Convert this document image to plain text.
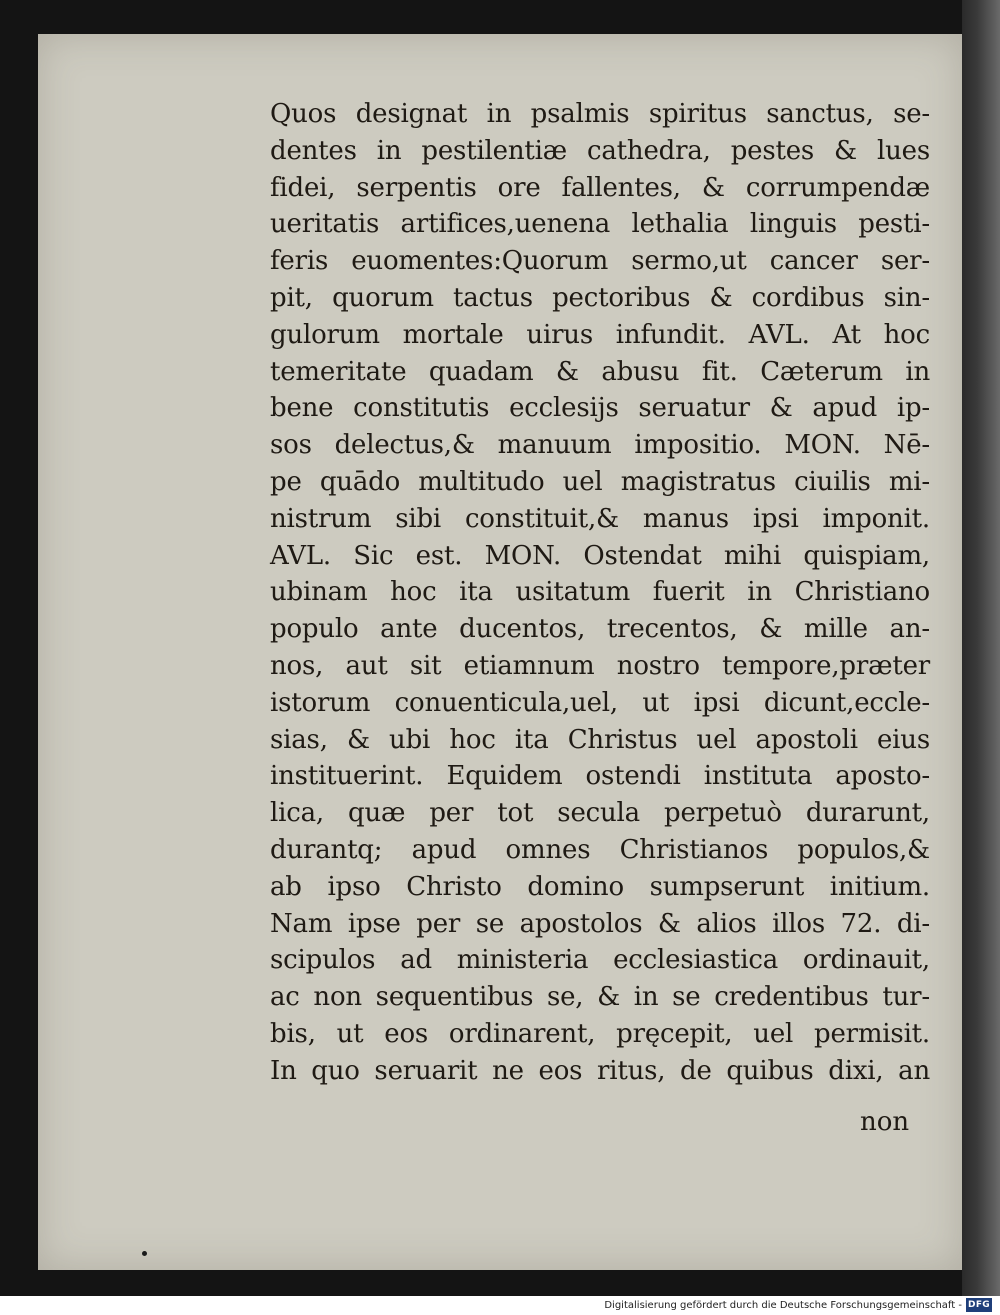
Quos designat in psalmis spiritus sanctus, se-
dentes in pestilentiæ cathedra, pestes & lues
fidei, serpentis ore fallentes, & corrumpendæ
ueritatis artifices,uenena lethalia linguis pesti-
feris euomentes:Quorum sermo,ut cancer ser-
pit, quorum tactus pectoribus & cordibus sin-
gulorum mortale uirus infundit. AVL. At hoc
temeritate quadam & abusu fit. Cæterum in
bene constitutis ecclesijs seruatur & apud ip-
sos delectus,& manuum impositio. MON. Nē-
pe quādo multitudo uel magistratus ciuilis mi-
nistrum sibi constituit,& manus ipsi imponit.
AVL. Sic est. MON. Ostendat mihi quispiam,
ubinam hoc ita usitatum fuerit in Christiano
populo ante ducentos, trecentos, & mille an-
nos, aut sit etiamnum nostro tempore,præter
istorum conuenticula,uel, ut ipsi dicunt,eccle-
sias, & ubi hoc ita Christus uel apostoli eius
instituerint. Equidem ostendi instituta aposto-
lica, quæ per tot secula perpetuò durarunt,
durantq; apud omnes Christianos populos,&
ab ipso Christo domino sumpserunt initium.
Nam ipse per se apostolos & alios illos 72. di-
scipulos ad ministeria ecclesiastica ordinauit,
ac non sequentibus se, & in se credentibus tur-
bis, ut eos ordinarent, pręcepit, uel permisit.
In quo seruarit ne eos ritus, de quibus dixi, an
non
Digitalisierung gefördert durch die Deutsche Forschungsgemeinschaft - DFG
